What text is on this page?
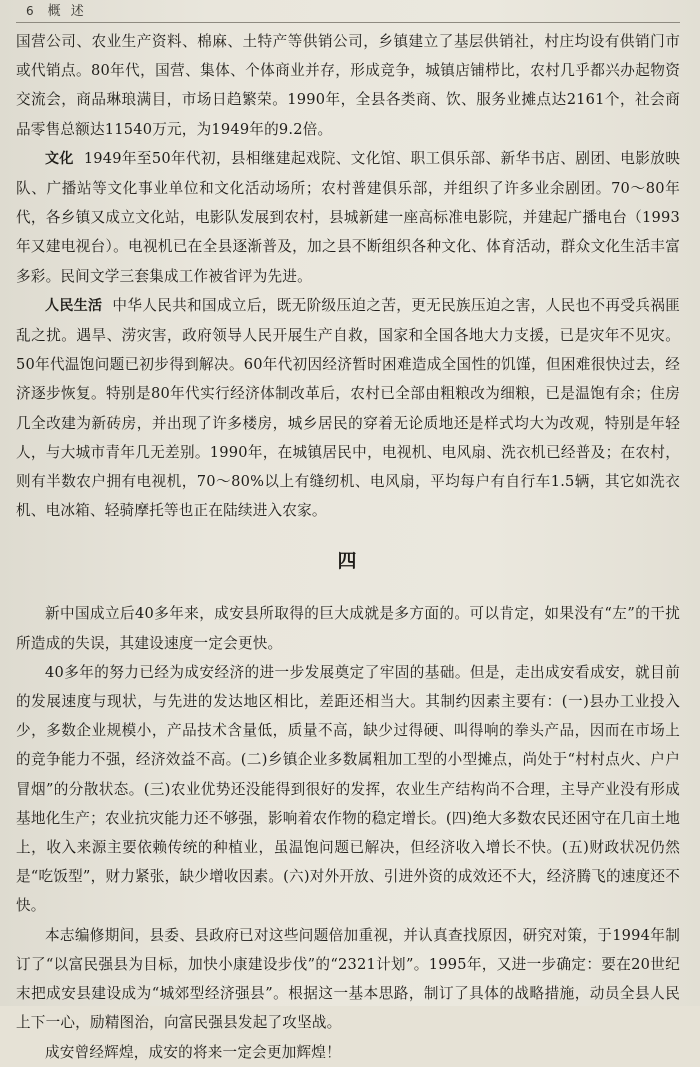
6 概 述

国营公司、农业生产资料、棉麻、土特产等供销公司，乡镇建立了基层供销社，村庄均设有供销门市或代销点。80年代，国营、集体、个体商业并存，形成竞争，城镇店铺栉比，农村几乎都兴办起物资交流会，商品琳琅满目，市场日趋繁荣。1990年，全县各类商、饮、服务业摊点达2161个，社会商品零售总额达11540万元，为1949年的9.2倍。

文化 1949年至50年代初，县相继建起戏院、文化馆、职工俱乐部、新华书店、剧团、电影放映队、广播站等文化事业单位和文化活动场所；农村普建俱乐部，并组织了许多业余剧团。70～80年代，各乡镇又成立文化站，电影队发展到农村，县城新建一座高标准电影院，并建起广播电台（1993年又建电视台）。电视机已在全县逐渐普及，加之县不断组织各种文化、体育活动，群众文化生活丰富多彩。民间文学三套集成工作被省评为先进。

人民生活 中华人民共和国成立后，既无阶级压迫之苦，更无民族压迫之害，人民也不再受兵祸匪乱之扰。遇旱、涝灾害，政府领导人民开展生产自救，国家和全国各地大力支援，已是灾年不见灾。50年代温饱问题已初步得到解决。60年代初因经济暂时困难造成全国性的饥馑，但困难很快过去，经济逐步恢复。特别是80年代实行经济体制改革后，农村已全部由粗粮改为细粮，已是温饱有余；住房几全改建为新砖房，并出现了许多楼房，城乡居民的穿着无论质地还是样式均大为改观，特别是年轻人，与大城市青年几无差别。1990年，在城镇居民中，电视机、电风扇、洗衣机已经普及；在农村，则有半数农户拥有电视机，70～80%以上有缝纫机、电风扇，平均每户有自行车1.5辆，其它如洗衣机、电冰箱、轻骑摩托等也正在陆续进入农家。

四

新中国成立后40多年来，成安县所取得的巨大成就是多方面的。可以肯定，如果没有“左”的干扰所造成的失误，其建设速度一定会更快。

40多年的努力已经为成安经济的进一步发展奠定了牢固的基础。但是，走出成安看成安，就目前的发展速度与现状，与先进的发达地区相比，差距还相当大。其制约因素主要有：(一)县办工业投入少，多数企业规模小，产品技术含量低，质量不高，缺少过得硬、叫得响的拳头产品，因而在市场上的竞争能力不强，经济效益不高。(二)乡镇企业多数属粗加工型的小型摊点，尚处于“村村点火、户户冒烟”的分散状态。(三)农业优势还没能得到很好的发挥，农业生产结构尚不合理，主导产业没有形成基地化生产；农业抗灾能力还不够强，影响着农作物的稳定增长。(四)绝大多数农民还困守在几亩土地上，收入来源主要依赖传统的种植业，虽温饱问题已解决，但经济收入增长不快。(五)财政状况仍然是“吃饭型”，财力紧张，缺少增收因素。(六)对外开放、引进外资的成效还不大，经济腾飞的速度还不快。

本志编修期间，县委、县政府已对这些问题倍加重视，并认真查找原因，研究对策，于1994年制订了“以富民强县为目标，加快小康建设步伐”的“2321计划”。1995年，又进一步确定：要在20世纪末把成安县建设成为“城郊型经济强县”。根据这一基本思路，制订了具体的战略措施，动员全县人民上下一心，励精图治，向富民强县发起了攻坚战。

成安曾经辉煌，成安的将来一定会更加辉煌！
